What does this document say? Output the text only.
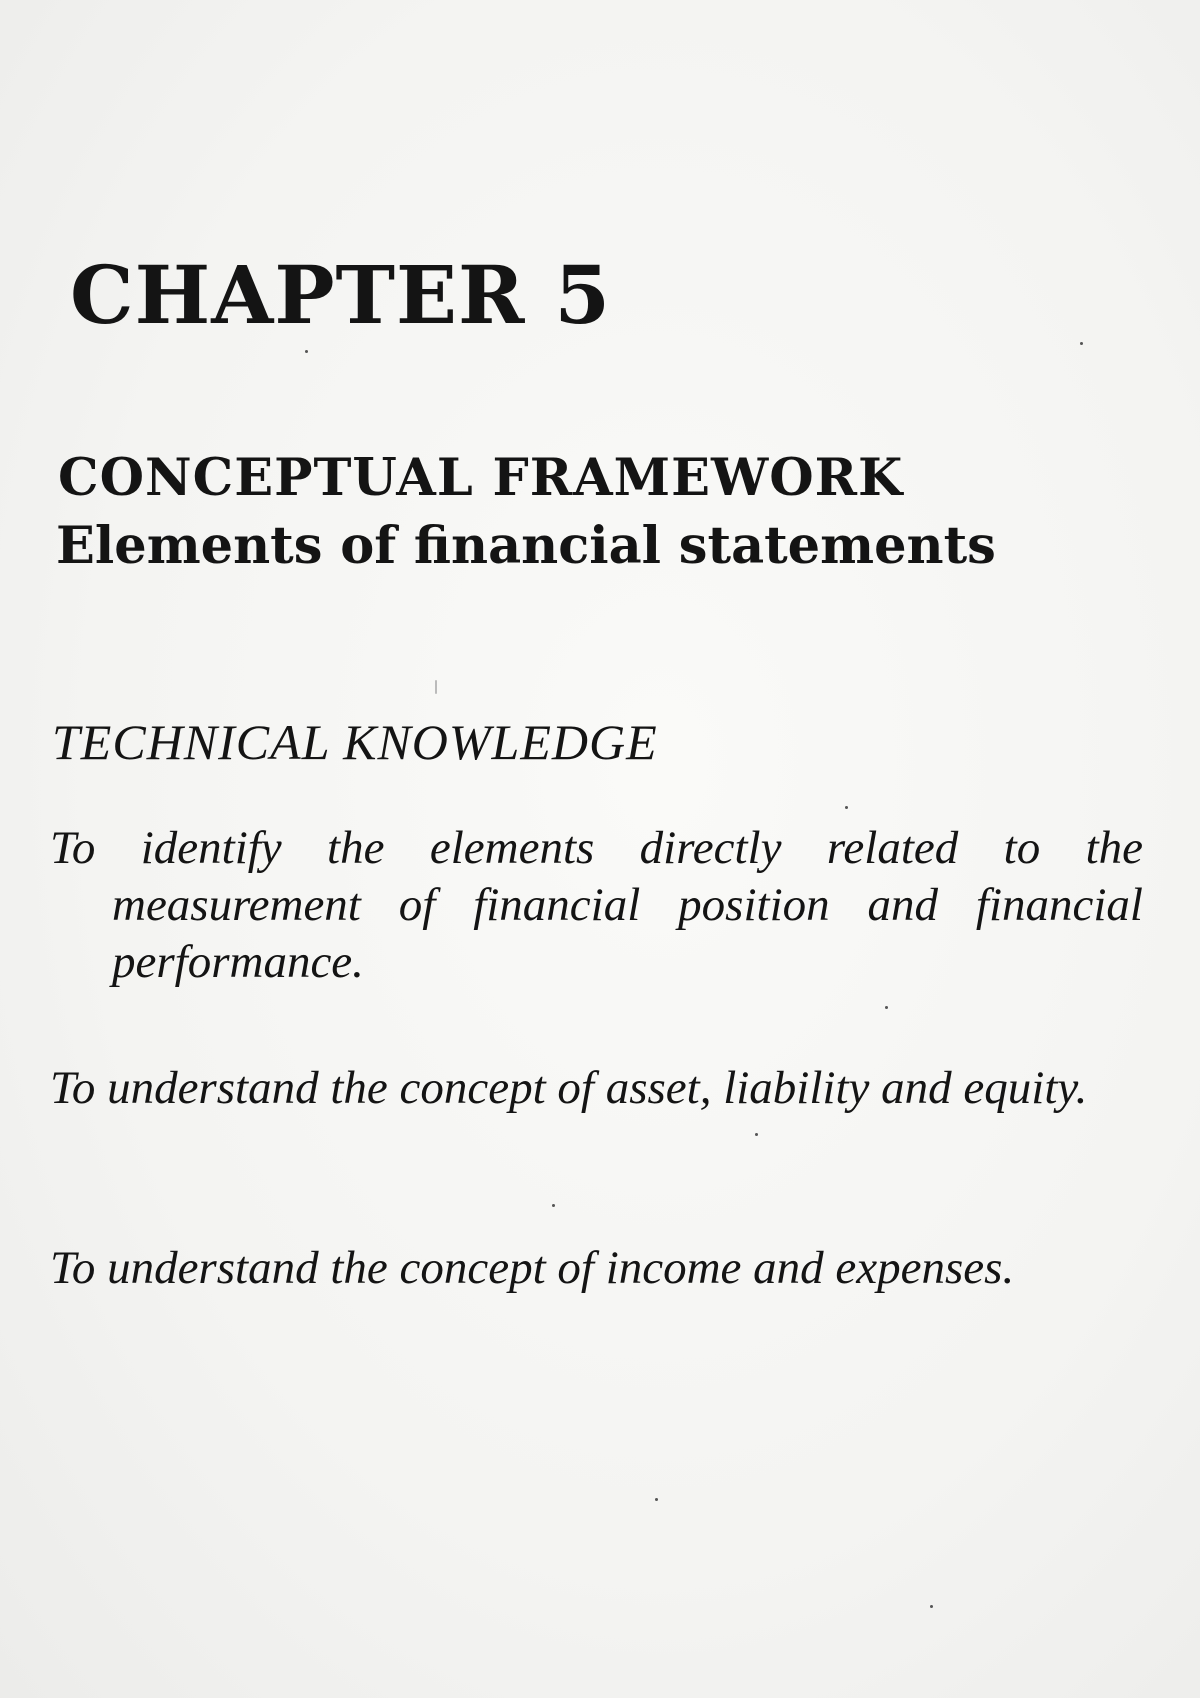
CHAPTER 5
CONCEPTUAL FRAMEWORK
Elements of financial statements
TECHNICAL KNOWLEDGE

To identify the elements directly related to the measurement of financial position and financial performance.

To understand the concept of asset, liability and equity.

To understand the concept of income and expenses.
